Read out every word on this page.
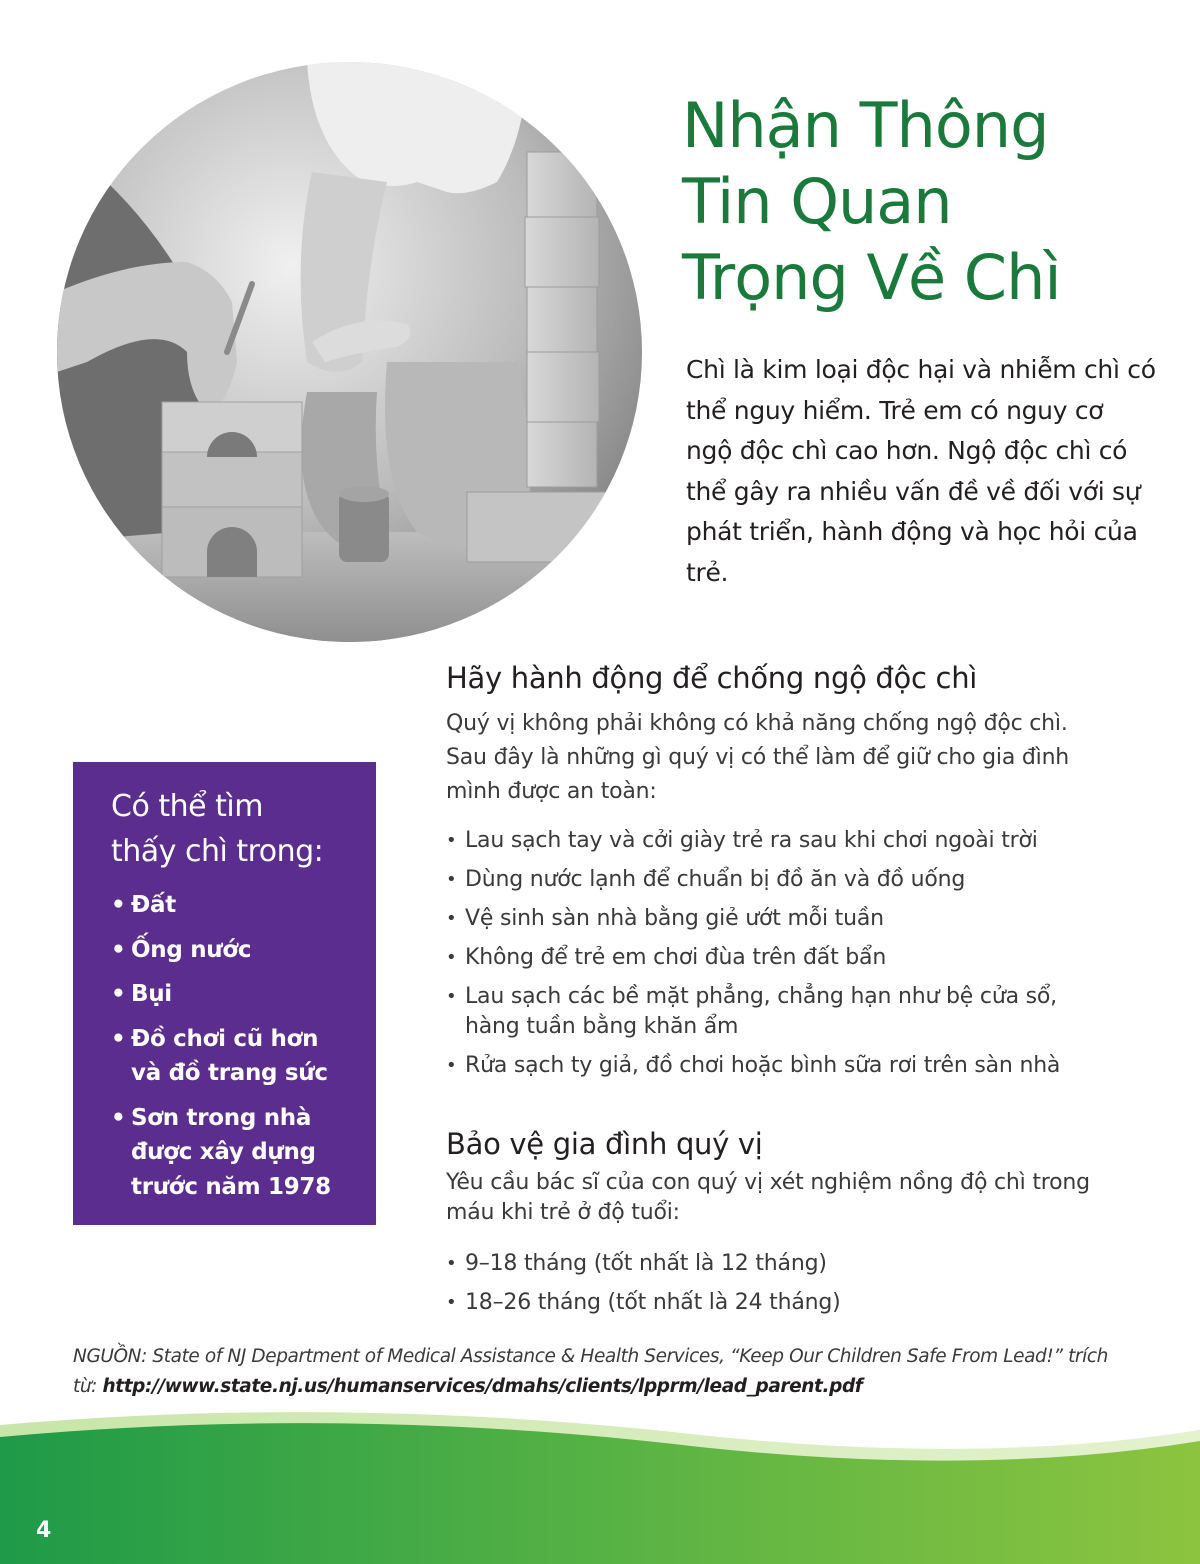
Nhận Thông
Tin Quan
Trọng Về Chì

Chì là kim loại độc hại và nhiễm chì có thể nguy hiểm. Trẻ em có nguy cơ ngộ độc chì cao hơn. Ngộ độc chì có thể gây ra nhiều vấn đề về đối với sự phát triển, hành động và học hỏi của trẻ.

Có thể tìm
thấy chì trong:
• Đất
• Ống nước
• Bụi
• Đồ chơi cũ hơn
và đồ trang sức
• Sơn trong nhà
được xây dựng
trước năm 1978
Hãy hành động để chống ngộ độc chì

Quý vị không phải không có khả năng chống ngộ độc chì.
Sau đây là những gì quý vị có thể làm để giữ cho gia đình
mình được an toàn:

• Lau sạch tay và cởi giày trẻ ra sau khi chơi ngoài trời
• Dùng nước lạnh để chuẩn bị đồ ăn và đồ uống
• Vệ sinh sàn nhà bằng giẻ ướt mỗi tuần
• Không để trẻ em chơi đùa trên đất bẩn
• Lau sạch các bề mặt phẳng, chẳng hạn như bệ cửa sổ,
hàng tuần bằng khăn ẩm
• Rửa sạch ty giả, đồ chơi hoặc bình sữa rơi trên sàn nhà
Bảo vệ gia đình quý vị

Yêu cầu bác sĩ của con quý vị xét nghiệm nồng độ chì trong
máu khi trẻ ở độ tuổi:

• 9–18 tháng (tốt nhất là 12 tháng)
• 18–26 tháng (tốt nhất là 24 tháng)

NGUỒN: State of NJ Department of Medical Assistance & Health Services, “Keep Our Children Safe From Lead!” trích
từ: http://www.state.nj.us/humanservices/dmahs/clients/lpprm/lead_parent.pdf

4
